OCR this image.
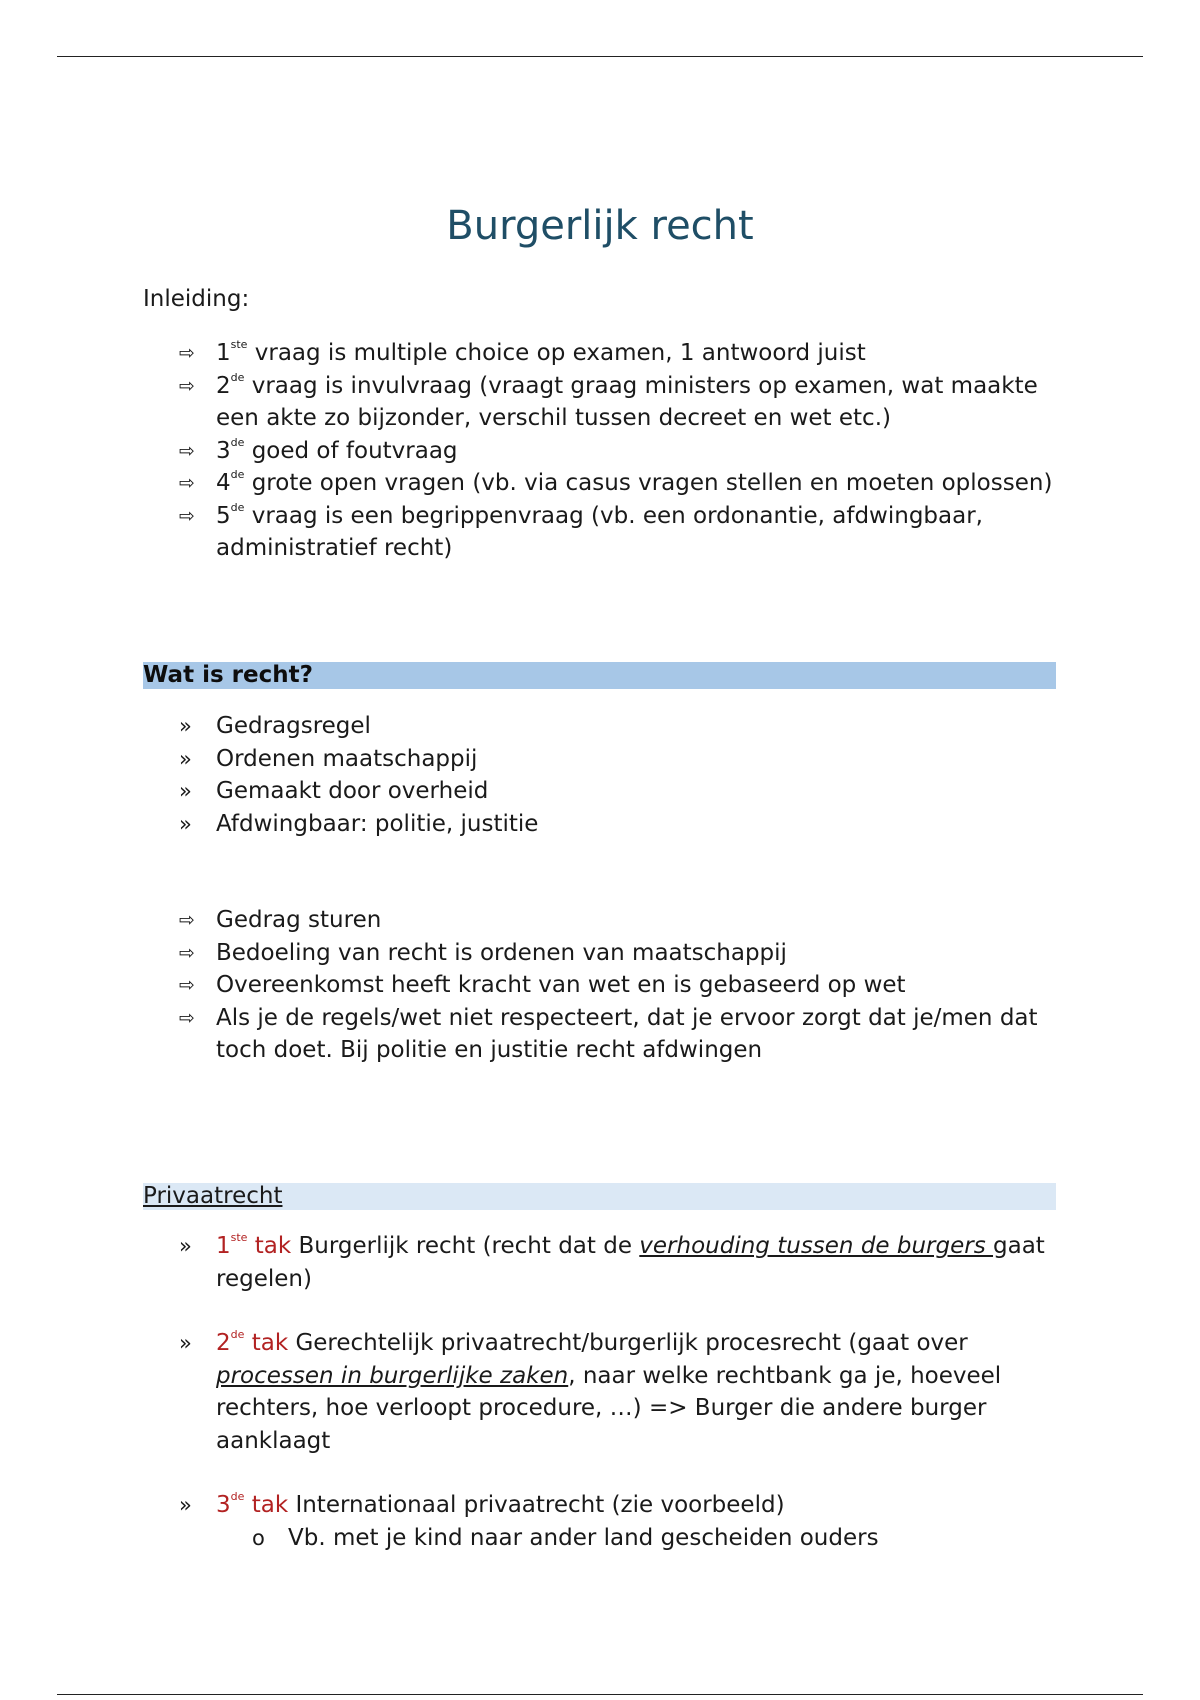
Burgerlijk recht
Inleiding:
⇨ 1ste vraag is multiple choice op examen, 1 antwoord juist
⇨ 2de vraag is invulvraag (vraagt graag ministers op examen, wat maakte een akte zo bijzonder, verschil tussen decreet en wet etc.)
⇨ 3de goed of foutvraag
⇨ 4de grote open vragen (vb. via casus vragen stellen en moeten oplossen)
⇨ 5de vraag is een begrippenvraag (vb. een ordonantie, afdwingbaar, administratief recht)
Wat is recht?
» Gedragsregel
» Ordenen maatschappij
» Gemaakt door overheid
» Afdwingbaar: politie, justitie
⇨ Gedrag sturen
⇨ Bedoeling van recht is ordenen van maatschappij
⇨ Overeenkomst heeft kracht van wet en is gebaseerd op wet
⇨ Als je de regels/wet niet respecteert, dat je ervoor zorgt dat je/men dat toch doet. Bij politie en justitie recht afdwingen
Privaatrecht
» 1ste tak Burgerlijk recht (recht dat de verhouding tussen de burgers gaat regelen)
» 2de tak Gerechtelijk privaatrecht/burgerlijk procesrecht (gaat over processen in burgerlijke zaken, naar welke rechtbank ga je, hoeveel rechters, hoe verloopt procedure, …) => Burger die andere burger aanklaagt
» 3de tak Internationaal privaatrecht (zie voorbeeld)
o Vb. met je kind naar ander land gescheiden ouders
